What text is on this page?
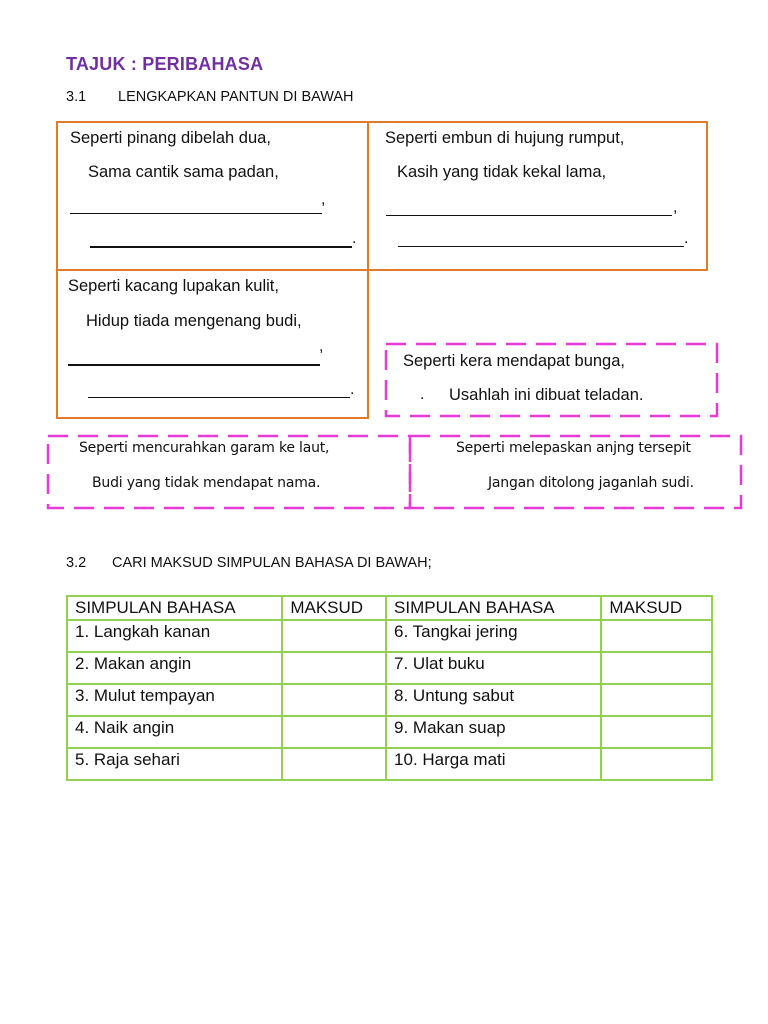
TAJUK : PERIBAHASA
3.1 LENGKAPKAN PANTUN DI BAWAH
Seperti pinang dibelah dua,
Sama cantik sama padan,
,
.
Seperti embun di hujung rumput,
Kasih yang tidak kekal lama,
,
.
Seperti kacang lupakan kulit,
Hidup tiada mengenang budi,
,
.
Seperti kera mendapat bunga,
. Usahlah ini dibuat teladan.
Seperti mencurahkan garam ke laut,
Budi yang tidak mendapat nama.
Seperti melepaskan anjng tersepit
Jangan ditolong jaganlah sudi.
3.2 CARI MAKSUD SIMPULAN BAHASA DI BAWAH;
SIMPULAN BAHASA	MAKSUD	SIMPULAN BAHASA	MAKSUD
1. Langkah kanan		6. Tangkai jering	
2. Makan angin		7. Ulat buku	
3. Mulut tempayan		8. Untung sabut	
4. Naik angin		9. Makan suap	
5. Raja sehari		10. Harga mati	
